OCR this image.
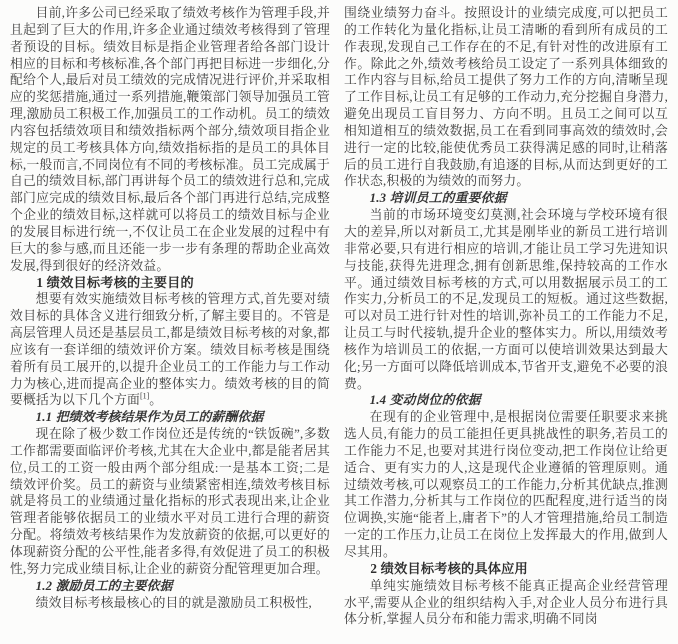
目前,许多公司已经采取了绩效考核作为管理手段,并且起到了巨大的作用,许多企业通过绩效考核得到了管理者预设的目标。绩效目标是指企业管理者给各部门设计相应的目标和考核标准,各个部门再把目标进一步细化,分配给个人,最后对员工绩效的完成情况进行评价,并采取相应的奖惩措施,通过一系列措施,鞭策部门领导加强员工管理,激励员工积极工作,加强员工的工作动机。员工的绩效内容包括绩效项目和绩效指标两个部分,绩效项目指企业规定的员工考核具体方向,绩效指标指的是员工的具体目标,一般而言,不同岗位有不同的考核标准。员工完成属于自己的绩效目标,部门再讲每个员工的绩效进行总和,完成部门应完成的绩效目标,最后各个部门再进行总结,完成整个企业的绩效目标,这样就可以将员工的绩效目标与企业的发展目标进行统一,不仅让员工在企业发展的过程中有巨大的参与感,而且还能一步一步有条理的帮助企业高效发展,得到很好的经济效益。

1 绩效目标考核的主要目的

想要有效实施绩效目标考核的管理方式,首先要对绩效目标的具体含义进行细致分析,了解主要目的。不管是高层管理人员还是基层员工,都是绩效目标考核的对象,都应该有一套详细的绩效评价方案。绩效目标考核是围绕着所有员工展开的,以提升企业员工的工作能力与工作动力为核心,进而提高企业的整体实力。绩效考核的目的简要概括为以下几个方面[1]。

1.1 把绩效考核结果作为员工的薪酬依据

现在除了极少数工作岗位还是传统的“铁饭碗”,多数工作都需要面临评价考核,尤其在大企业中,都是能者居其位,员工的工资一般由两个部分组成:一是基本工资;二是绩效评价奖。员工的薪资与业绩紧密相连,绩效考核目标就是将员工的业绩通过量化指标的形式表现出来,让企业管理者能够依据员工的业绩水平对员工进行合理的薪资分配。将绩效考核结果作为发放薪资的依据,可以更好的体现薪资分配的公平性,能者多得,有效促进了员工的积极性,努力完成业绩目标,让企业的薪资分配管理更加合理。

1.2 激励员工的主要依据

绩效目标考核最核心的目的就是激励员工积极性,

围绕业绩努力奋斗。按照设计的业绩完成度,可以把员工的工作转化为量化指标,让员工清晰的看到所有成员的工作表现,发现自己工作存在的不足,有针对性的改进原有工作。除此之外,绩效考核给员工设定了一系列具体细致的工作内容与目标,给员工提供了努力工作的方向,清晰呈现了工作目标,让员工有足够的工作动力,充分挖掘自身潜力,避免出现员工盲目努力、方向不明。且员工之间可以互相知道相互的绩效数据,员工在看到同事高效的绩效时,会进行一定的比较,能使优秀员工获得满足感的同时,让稍落后的员工进行自我鼓励,有追逐的目标,从而达到更好的工作状态,积极的为绩效的而努力。

1.3 培训员工的重要依据

当前的市场环境变幻莫测,社会环境与学校环境有很大的差异,所以对新员工,尤其是刚毕业的新员工进行培训非常必要,只有进行相应的培训,才能让员工学习先进知识与技能,获得先进理念,拥有创新思维,保持较高的工作水平。通过绩效目标考核的方式,可以用数据展示员工的工作实力,分析员工的不足,发现员工的短板。通过这些数据,可以对员工进行针对性的培训,弥补员工的工作能力不足,让员工与时代接轨,提升企业的整体实力。所以,用绩效考核作为培训员工的依据,一方面可以使培训效果达到最大化;另一方面可以降低培训成本,节省开支,避免不必要的浪费。

1.4 变动岗位的依据

在现有的企业管理中,是根据岗位需要任职要求来挑选人员,有能力的员工能担任更具挑战性的职务,若员工的工作能力不足,也要对其进行岗位变动,把工作岗位让给更适合、更有实力的人,这是现代企业遵循的管理原则。通过绩效考核,可以观察员工的工作能力,分析其优缺点,推测其工作潜力,分析其与工作岗位的匹配程度,进行适当的岗位调换,实施“能者上,庸者下”的人才管理措施,给员工制造一定的工作压力,让员工在岗位上发挥最大的作用,做到人尽其用。

2 绩效目标考核的具体应用

单纯实施绩效目标考核不能真正提高企业经营管理水平,需要从企业的组织结构入手,对企业人员分布进行具体分析,掌握人员分布和能力需求,明确不同岗
